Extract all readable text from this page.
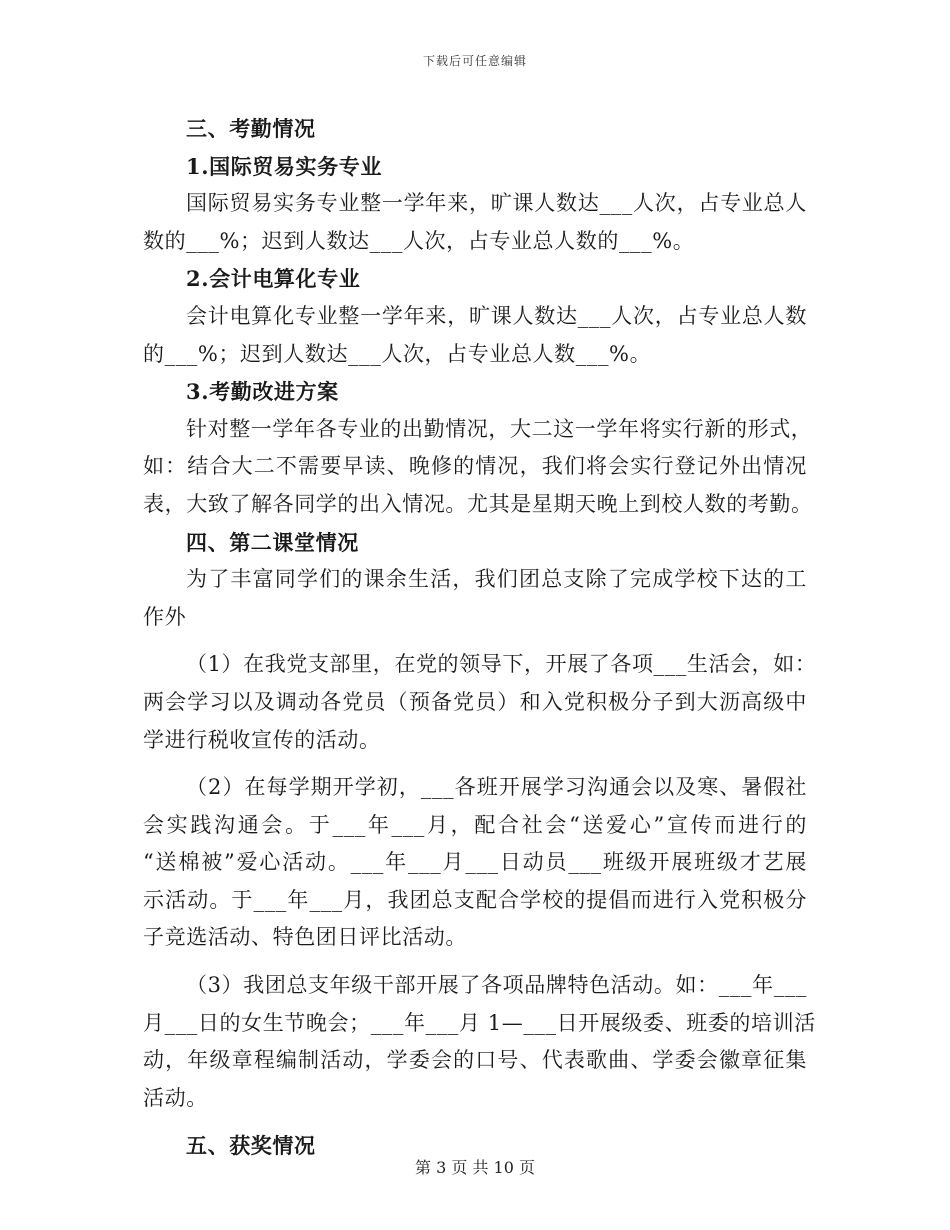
下载后可任意编辑
三、考勤情况
1.国际贸易实务专业
国际贸易实务专业整一学年来，旷课人数达___人次，占专业总人
数的___%；迟到人数达___人次，占专业总人数的___%。
2.会计电算化专业
会计电算化专业整一学年来，旷课人数达___人次，占专业总人数
的___%；迟到人数达___人次，占专业总人数___%。
3.考勤改进方案
针对整一学年各专业的出勤情况，大二这一学年将实行新的形式，
如：结合大二不需要早读、晚修的情况，我们将会实行登记外出情况
表，大致了解各同学的出入情况。尤其是星期天晚上到校人数的考勤。
四、第二课堂情况
为了丰富同学们的课余生活，我们团总支除了完成学校下达的工
作外
（1）在我党支部里，在党的领导下，开展了各项___生活会，如：
两会学习以及调动各党员（预备党员）和入党积极分子到大沥高级中
学进行税收宣传的活动。
（2）在每学期开学初，___各班开展学习沟通会以及寒、暑假社
会实践沟通会。于___年___月，配合社会“送爱心”宣传而进行的
“送棉被”爱心活动。___年___月___日动员___班级开展班级才艺展
示活动。于___年___月，我团总支配合学校的提倡而进行入党积极分
子竞选活动、特色团日评比活动。
（3）我团总支年级干部开展了各项品牌特色活动。如：___年___
月___日的女生节晚会；___年___月 1—___日开展级委、班委的培训活
动，年级章程编制活动，学委会的口号、代表歌曲、学委会徽章征集
活动。
五、获奖情况
第 3 页 共 10 页
